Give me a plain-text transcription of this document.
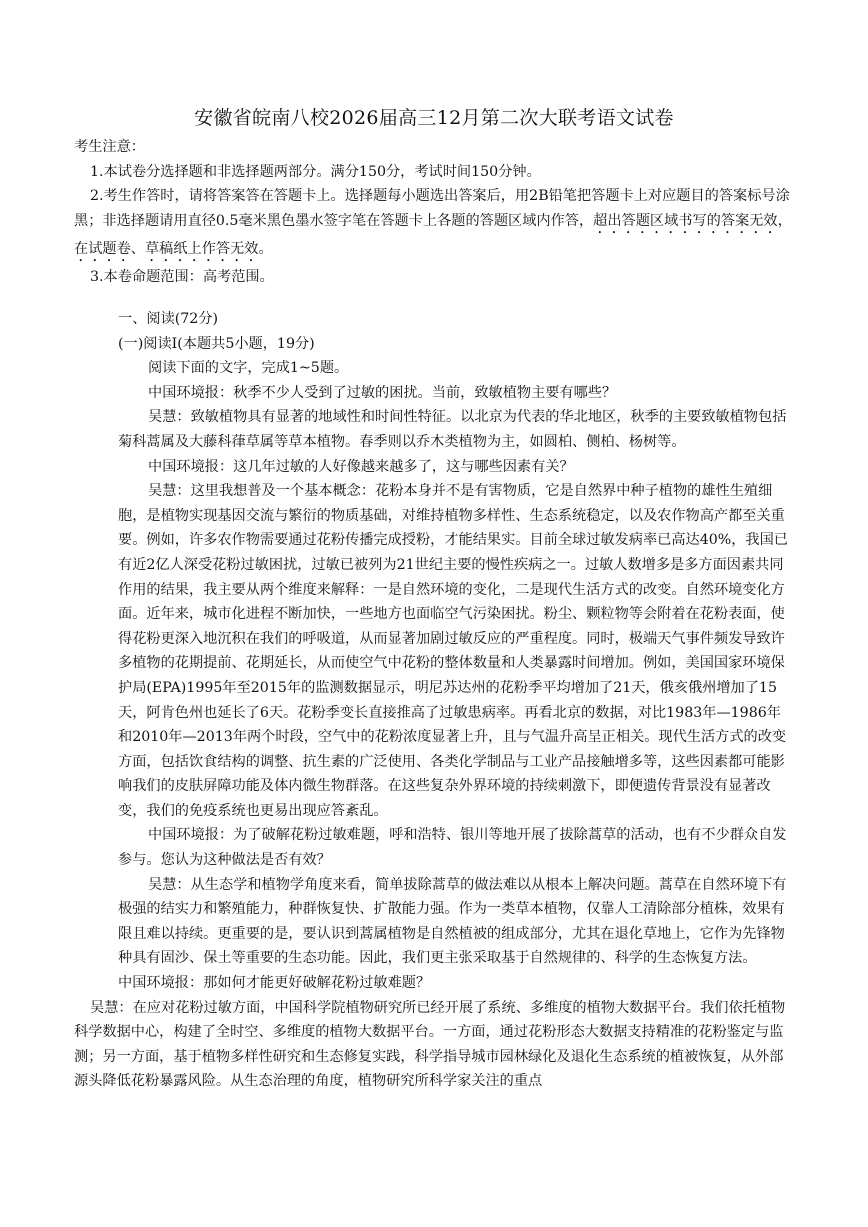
安徽省皖南八校2026届高三12月第二次大联考语文试卷

考生注意：

1.本试卷分选择题和非选择题两部分。满分150分，考试时间150分钟。

2.考生作答时，请将答案答在答题卡上。选择题每小题选出答案后，用2B铅笔把答题卡上对应题目的答案标号涂黑；非选择题请用直径0.5毫米黑色墨水签字笔在答题卡上各题的答题区域内作答，超出答题区域书写的答案无效，在试题卷、草稿纸上作答无效。

3.本卷命题范围：高考范围。

一、阅读(72分)

(一)阅读Ⅰ(本题共5小题，19分)

阅读下面的文字，完成1~5题。

中国环境报：秋季不少人受到了过敏的困扰。当前，致敏植物主要有哪些？

吴慧：致敏植物具有显著的地域性和时间性特征。以北京为代表的华北地区，秋季的主要致敏植物包括菊科蒿属及大藤科葎草属等草本植物。春季则以乔木类植物为主，如圆柏、侧柏、杨树等。

中国环境报：这几年过敏的人好像越来越多了，这与哪些因素有关？

吴慧：这里我想普及一个基本概念：花粉本身并不是有害物质，它是自然界中种子植物的雄性生殖细胞，是植物实现基因交流与繁衍的物质基础，对维持植物多样性、生态系统稳定，以及农作物高产都至关重要。例如，许多农作物需要通过花粉传播完成授粉，才能结果实。目前全球过敏发病率已高达40%，我国已有近2亿人深受花粉过敏困扰，过敏已被列为21世纪主要的慢性疾病之一。过敏人数增多是多方面因素共同作用的结果，我主要从两个维度来解释：一是自然环境的变化，二是现代生活方式的改变。自然环境变化方面。近年来，城市化进程不断加快，一些地方也面临空气污染困扰。粉尘、颗粒物等会附着在花粉表面，使得花粉更深入地沉积在我们的呼吸道，从而显著加剧过敏反应的严重程度。同时，极端天气事件频发导致许多植物的花期提前、花期延长，从而使空气中花粉的整体数量和人类暴露时间增加。例如，美国国家环境保护局(EPA)1995年至2015年的监测数据显示，明尼苏达州的花粉季平均增加了21天，俄亥俄州增加了15天，阿肯色州也延长了6天。花粉季变长直接推高了过敏患病率。再看北京的数据，对比1983年—1986年和2010年—2013年两个时段，空气中的花粉浓度显著上升，且与气温升高呈正相关。现代生活方式的改变方面，包括饮食结构的调整、抗生素的广泛使用、各类化学制品与工业产品接触增多等，这些因素都可能影响我们的皮肤屏障功能及体内微生物群落。在这些复杂外界环境的持续刺激下，即便遗传背景没有显著改变，我们的免疫系统也更易出现应答紊乱。

中国环境报：为了破解花粉过敏难题，呼和浩特、银川等地开展了拔除蒿草的活动，也有不少群众自发参与。您认为这种做法是否有效？

吴慧：从生态学和植物学角度来看，简单拔除蒿草的做法难以从根本上解决问题。蒿草在自然环境下有极强的结实力和繁殖能力，种群恢复快、扩散能力强。作为一类草本植物，仅靠人工清除部分植株，效果有限且难以持续。更重要的是，要认识到蒿属植物是自然植被的组成部分，尤其在退化草地上，它作为先锋物种具有固沙、保土等重要的生态功能。因此，我们更主张采取基于自然规律的、科学的生态恢复方法。

中国环境报：那如何才能更好破解花粉过敏难题？

吴慧：在应对花粉过敏方面，中国科学院植物研究所已经开展了系统、多维度的植物大数据平台。我们依托植物科学数据中心，构建了全时空、多维度的植物大数据平台。一方面，通过花粉形态大数据支持精准的花粉鉴定与监测；另一方面，基于植物多样性研究和生态修复实践，科学指导城市园林绿化及退化生态系统的植被恢复，从外部源头降低花粉暴露风险。从生态治理的角度，植物研究所科学家关注的重点
